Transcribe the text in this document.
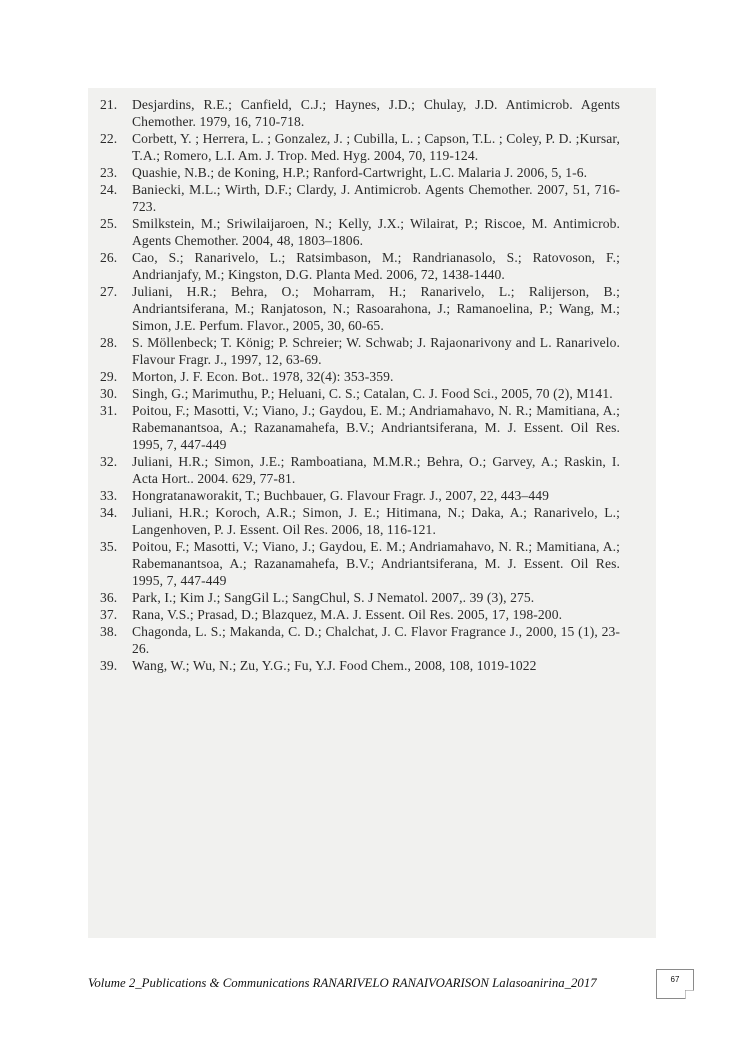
21.	Desjardins, R.E.; Canfield, C.J.; Haynes, J.D.; Chulay, J.D. Antimicrob. Agents Chemother. 1979, 16, 710-718.
22.	Corbett, Y. ; Herrera, L. ; Gonzalez, J. ; Cubilla, L. ; Capson, T.L. ; Coley, P. D. ;Kursar, T.A.; Romero, L.I. Am. J. Trop. Med. Hyg. 2004, 70, 119-124.
23.	Quashie, N.B.; de Koning, H.P.; Ranford-Cartwright, L.C. Malaria J. 2006, 5, 1-6.
24.	Baniecki, M.L.; Wirth, D.F.; Clardy, J. Antimicrob. Agents Chemother. 2007, 51, 716-723.
25.	Smilkstein, M.; Sriwilaijaroen, N.; Kelly, J.X.; Wilairat, P.; Riscoe, M. Antimicrob. Agents Chemother. 2004, 48, 1803–1806.
26.	Cao, S.; Ranarivelo, L.; Ratsimbason, M.; Randrianasolo, S.; Ratovoson, F.; Andrianjafy, M.; Kingston, D.G. Planta Med. 2006, 72, 1438-1440.
27.	Juliani, H.R.; Behra, O.; Moharram, H.; Ranarivelo, L.; Ralijerson, B.; Andriantsiferana, M.; Ranjatoson, N.; Rasoarahona, J.; Ramanoelina, P.; Wang, M.; Simon, J.E. Perfum. Flavor., 2005, 30, 60-65.
28.	S. Möllenbeck; T. König; P. Schreier; W. Schwab; J. Rajaonarivony and L. Ranarivelo. Flavour Fragr. J., 1997, 12, 63-69.
29.	Morton, J. F. Econ. Bot.. 1978, 32(4): 353-359.
30.	Singh, G.; Marimuthu, P.; Heluani, C. S.; Catalan, C. J. Food Sci., 2005, 70 (2), M141.
31.	Poitou, F.; Masotti, V.; Viano, J.; Gaydou, E. M.; Andriamahavo, N. R.; Mamitiana, A.; Rabemanantsoa, A.; Razanamahefa, B.V.; Andriantsiferana, M. J. Essent. Oil Res. 1995, 7, 447-449
32.	Juliani, H.R.; Simon, J.E.; Ramboatiana, M.M.R.; Behra, O.; Garvey, A.; Raskin, I. Acta Hort.. 2004. 629, 77-81.
33.	Hongratanaworakit, T.; Buchbauer, G. Flavour Fragr. J., 2007, 22, 443–449
34.	Juliani, H.R.; Koroch, A.R.; Simon, J. E.; Hitimana, N.; Daka, A.; Ranarivelo, L.; Langenhoven, P. J. Essent. Oil Res. 2006, 18, 116-121.
35.	Poitou, F.; Masotti, V.; Viano, J.; Gaydou, E. M.; Andriamahavo, N. R.; Mamitiana, A.; Rabemanantsoa, A.; Razanamahefa, B.V.; Andriantsiferana, M. J. Essent. Oil Res. 1995, 7, 447-449
36.	Park, I.; Kim J.; SangGil L.; SangChul, S. J Nematol. 2007,. 39 (3), 275.
37.	Rana, V.S.; Prasad, D.; Blazquez, M.A. J. Essent. Oil Res. 2005, 17, 198-200.
38.	Chagonda, L. S.; Makanda, C. D.; Chalchat, J. C. Flavor Fragrance J., 2000, 15 (1), 23-26.
39.	Wang, W.; Wu, N.; Zu, Y.G.; Fu, Y.J. Food Chem., 2008, 108, 1019-1022
Volume 2_Publications & Communications RANARIVELO RANAIVOARISON Lalasoanirina_2017	67
